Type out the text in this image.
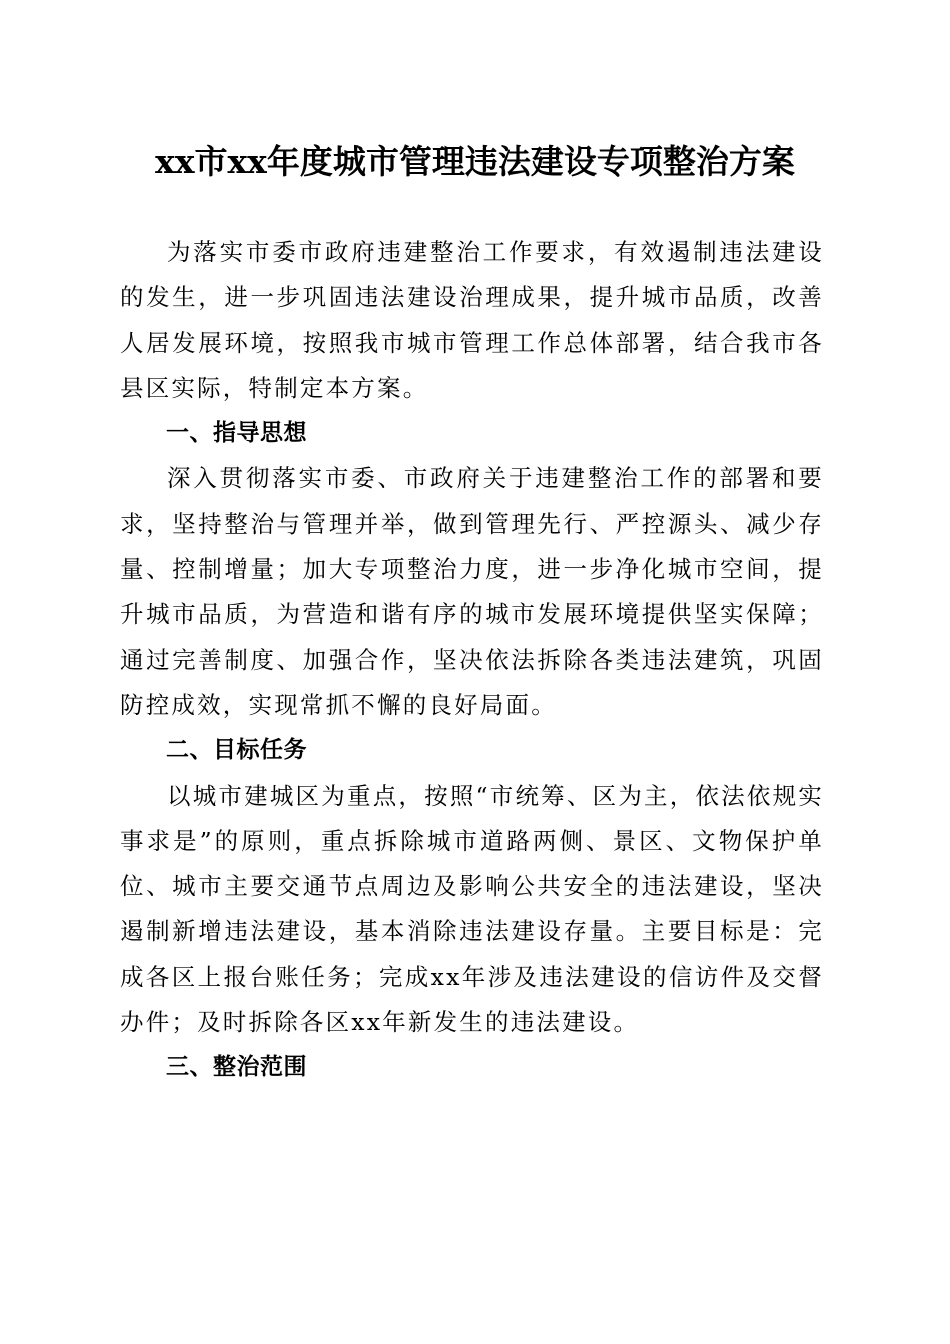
xx市xx年度城市管理违法建设专项整治方案

为落实市委市政府违建整治工作要求，有效遏制违法建设的发生，进一步巩固违法建设治理成果，提升城市品质，改善人居发展环境，按照我市城市管理工作总体部署，结合我市各县区实际，特制定本方案。

一、指导思想

深入贯彻落实市委、市政府关于违建整治工作的部署和要求，坚持整治与管理并举，做到管理先行、严控源头、减少存量、控制增量；加大专项整治力度，进一步净化城市空间，提升城市品质，为营造和谐有序的城市发展环境提供坚实保障；通过完善制度、加强合作，坚决依法拆除各类违法建筑，巩固防控成效，实现常抓不懈的良好局面。

二、目标任务

以城市建城区为重点，按照“市统筹、区为主，依法依规实事求是”的原则，重点拆除城市道路两侧、景区、文物保护单位、城市主要交通节点周边及影响公共安全的违法建设，坚决遏制新增违法建设，基本消除违法建设存量。主要目标是：完成各区上报台账任务；完成xx年涉及违法建设的信访件及交督办件；及时拆除各区xx年新发生的违法建设。

三、整治范围
